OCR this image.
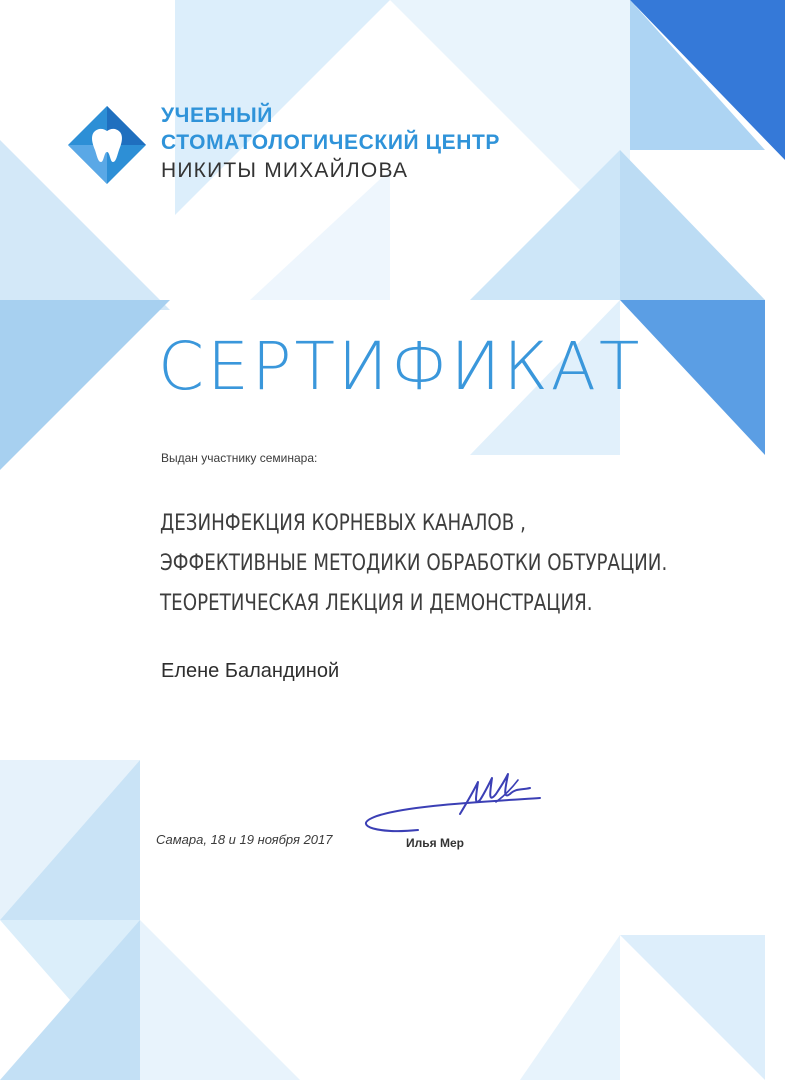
УЧЕБНЫЙ

СТОМАТОЛОГИЧЕСКИЙ ЦЕНТР

НИКИТЫ МИХАЙЛОВА

СЕРТИФИКАТ
Выдан участнику семинара:

ДЕЗИНФЕКЦИЯ КОРНЕВЫХ КАНАЛОВ ,

ЭФФЕКТИВНЫЕ МЕТОДИКИ ОБРАБОТКИ ОБТУРАЦИИ.

ТЕОРЕТИЧЕСКАЯ ЛЕКЦИЯ И ДЕМОНСТРАЦИЯ.

Елене Баландиной
Самара, 18 и 19 ноября 2017	Илья Мер
